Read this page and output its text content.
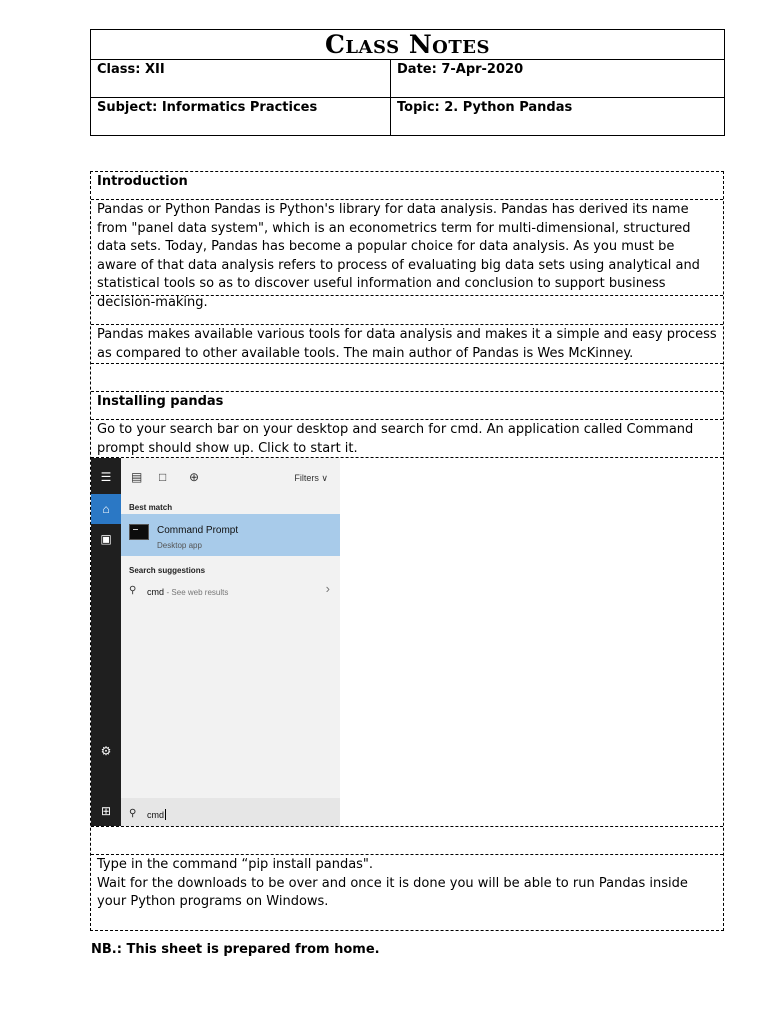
Class Notes
Class: XII	Date: 7-Apr-2020
Subject: Informatics Practices	Topic: 2. Python Pandas
Introduction
Pandas or Python Pandas is Python's library for data analysis. Pandas has derived its name from "panel data system", which is an econometrics term for multi-dimensional, structured data sets. Today, Pandas has become a popular choice for data analysis. As you must be aware of that data analysis refers to process of evaluating big data sets using analytical and statistical tools so as to discover useful information and conclusion to support business decision-making.
Pandas makes available various tools for data analysis and makes it a simple and easy process as compared to other available tools. The main author of Pandas is Wes McKinney.
Installing pandas
Go to your search bar on your desktop and search for cmd. An application called Command prompt should show up. Click to start it.
☰
⌂
▣
⚙
⊞
▤ □ ⊕	Filters ∨
Best match
Command Prompt
Desktop app
Search suggestions
⚲ cmd - See web results	›
⚲ cmd
Type in the command “pip install pandas".
Wait for the downloads to be over and once it is done you will be able to run Pandas inside your Python programs on Windows.
NB.: This sheet is prepared from home.
